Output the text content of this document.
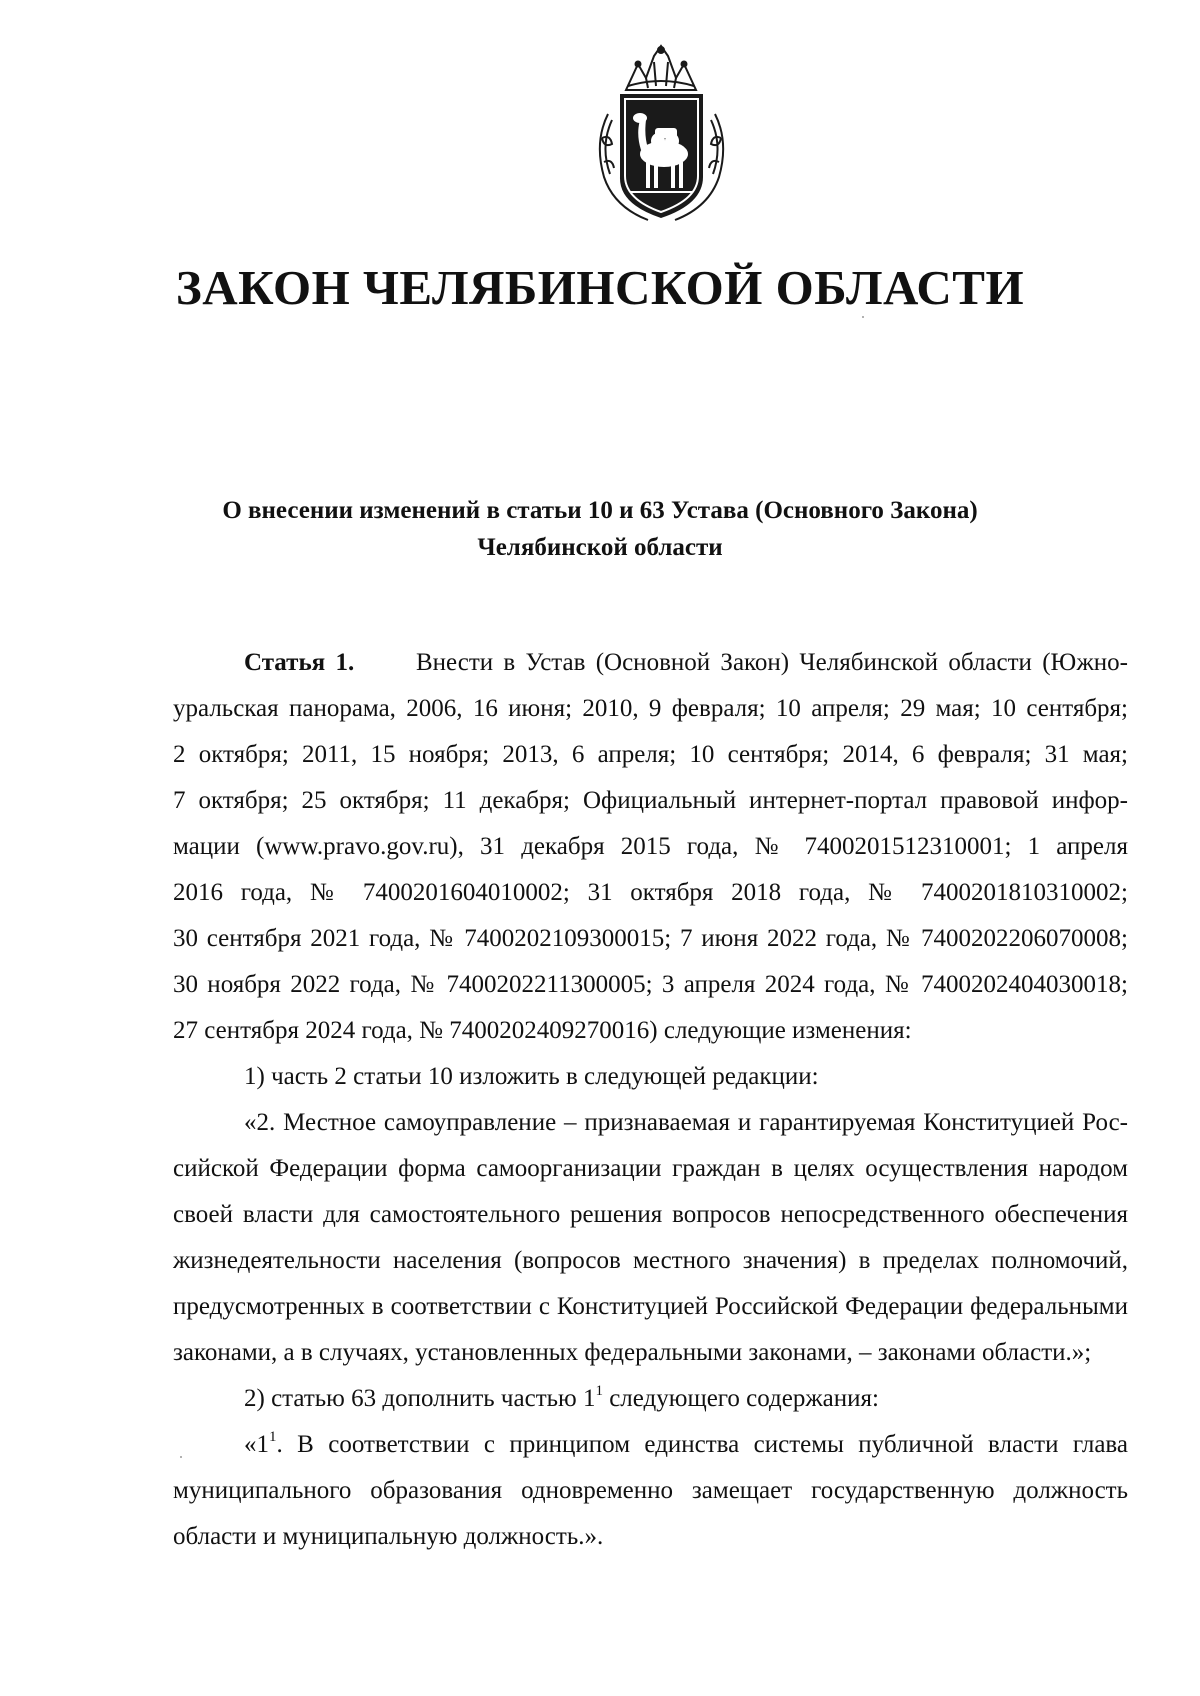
ЗАКОН ЧЕЛЯБИНСКОЙ ОБЛАСТИ
О внесении изменений в статьи 10 и 63 Устава (Основного Закона)
Челябинской области
Статья 1. Внести в Устав (Основной Закон) Челябинской области (Южно-
уральская панорама, 2006, 16 июня; 2010, 9 февраля; 10 апреля; 29 мая; 10 сентября;
2 октября; 2011, 15 ноября; 2013, 6 апреля; 10 сентября; 2014, 6 февраля; 31 мая;
7 октября; 25 октября; 11 декабря; Официальный интернет-портал правовой инфор-
мации (www.pravo.gov.ru), 31 декабря 2015 года, № 7400201512310001; 1 апреля
2016 года, № 7400201604010002; 31 октября 2018 года, № 7400201810310002;
30 сентября 2021 года, № 7400202109300015; 7 июня 2022 года, № 7400202206070008;
30 ноября 2022 года, № 7400202211300005; 3 апреля 2024 года, № 7400202404030018;
27 сентября 2024 года, № 7400202409270016) следующие изменения:
1) часть 2 статьи 10 изложить в следующей редакции:
«2. Местное самоуправление – признаваемая и гарантируемая Конституцией Рос-
сийской Федерации форма самоорганизации граждан в целях осуществления народом
своей власти для самостоятельного решения вопросов непосредственного обеспечения
жизнедеятельности населения (вопросов местного значения) в пределах полномочий,
предусмотренных в соответствии с Конституцией Российской Федерации федеральными
законами, а в случаях, установленных федеральными законами, – законами области.»;
2) статью 63 дополнить частью $1^1$ следующего содержания:
«$1^1$. В соответствии с принципом единства системы публичной власти глава
муниципального образования одновременно замещает государственную должность
области и муниципальную должность.».
